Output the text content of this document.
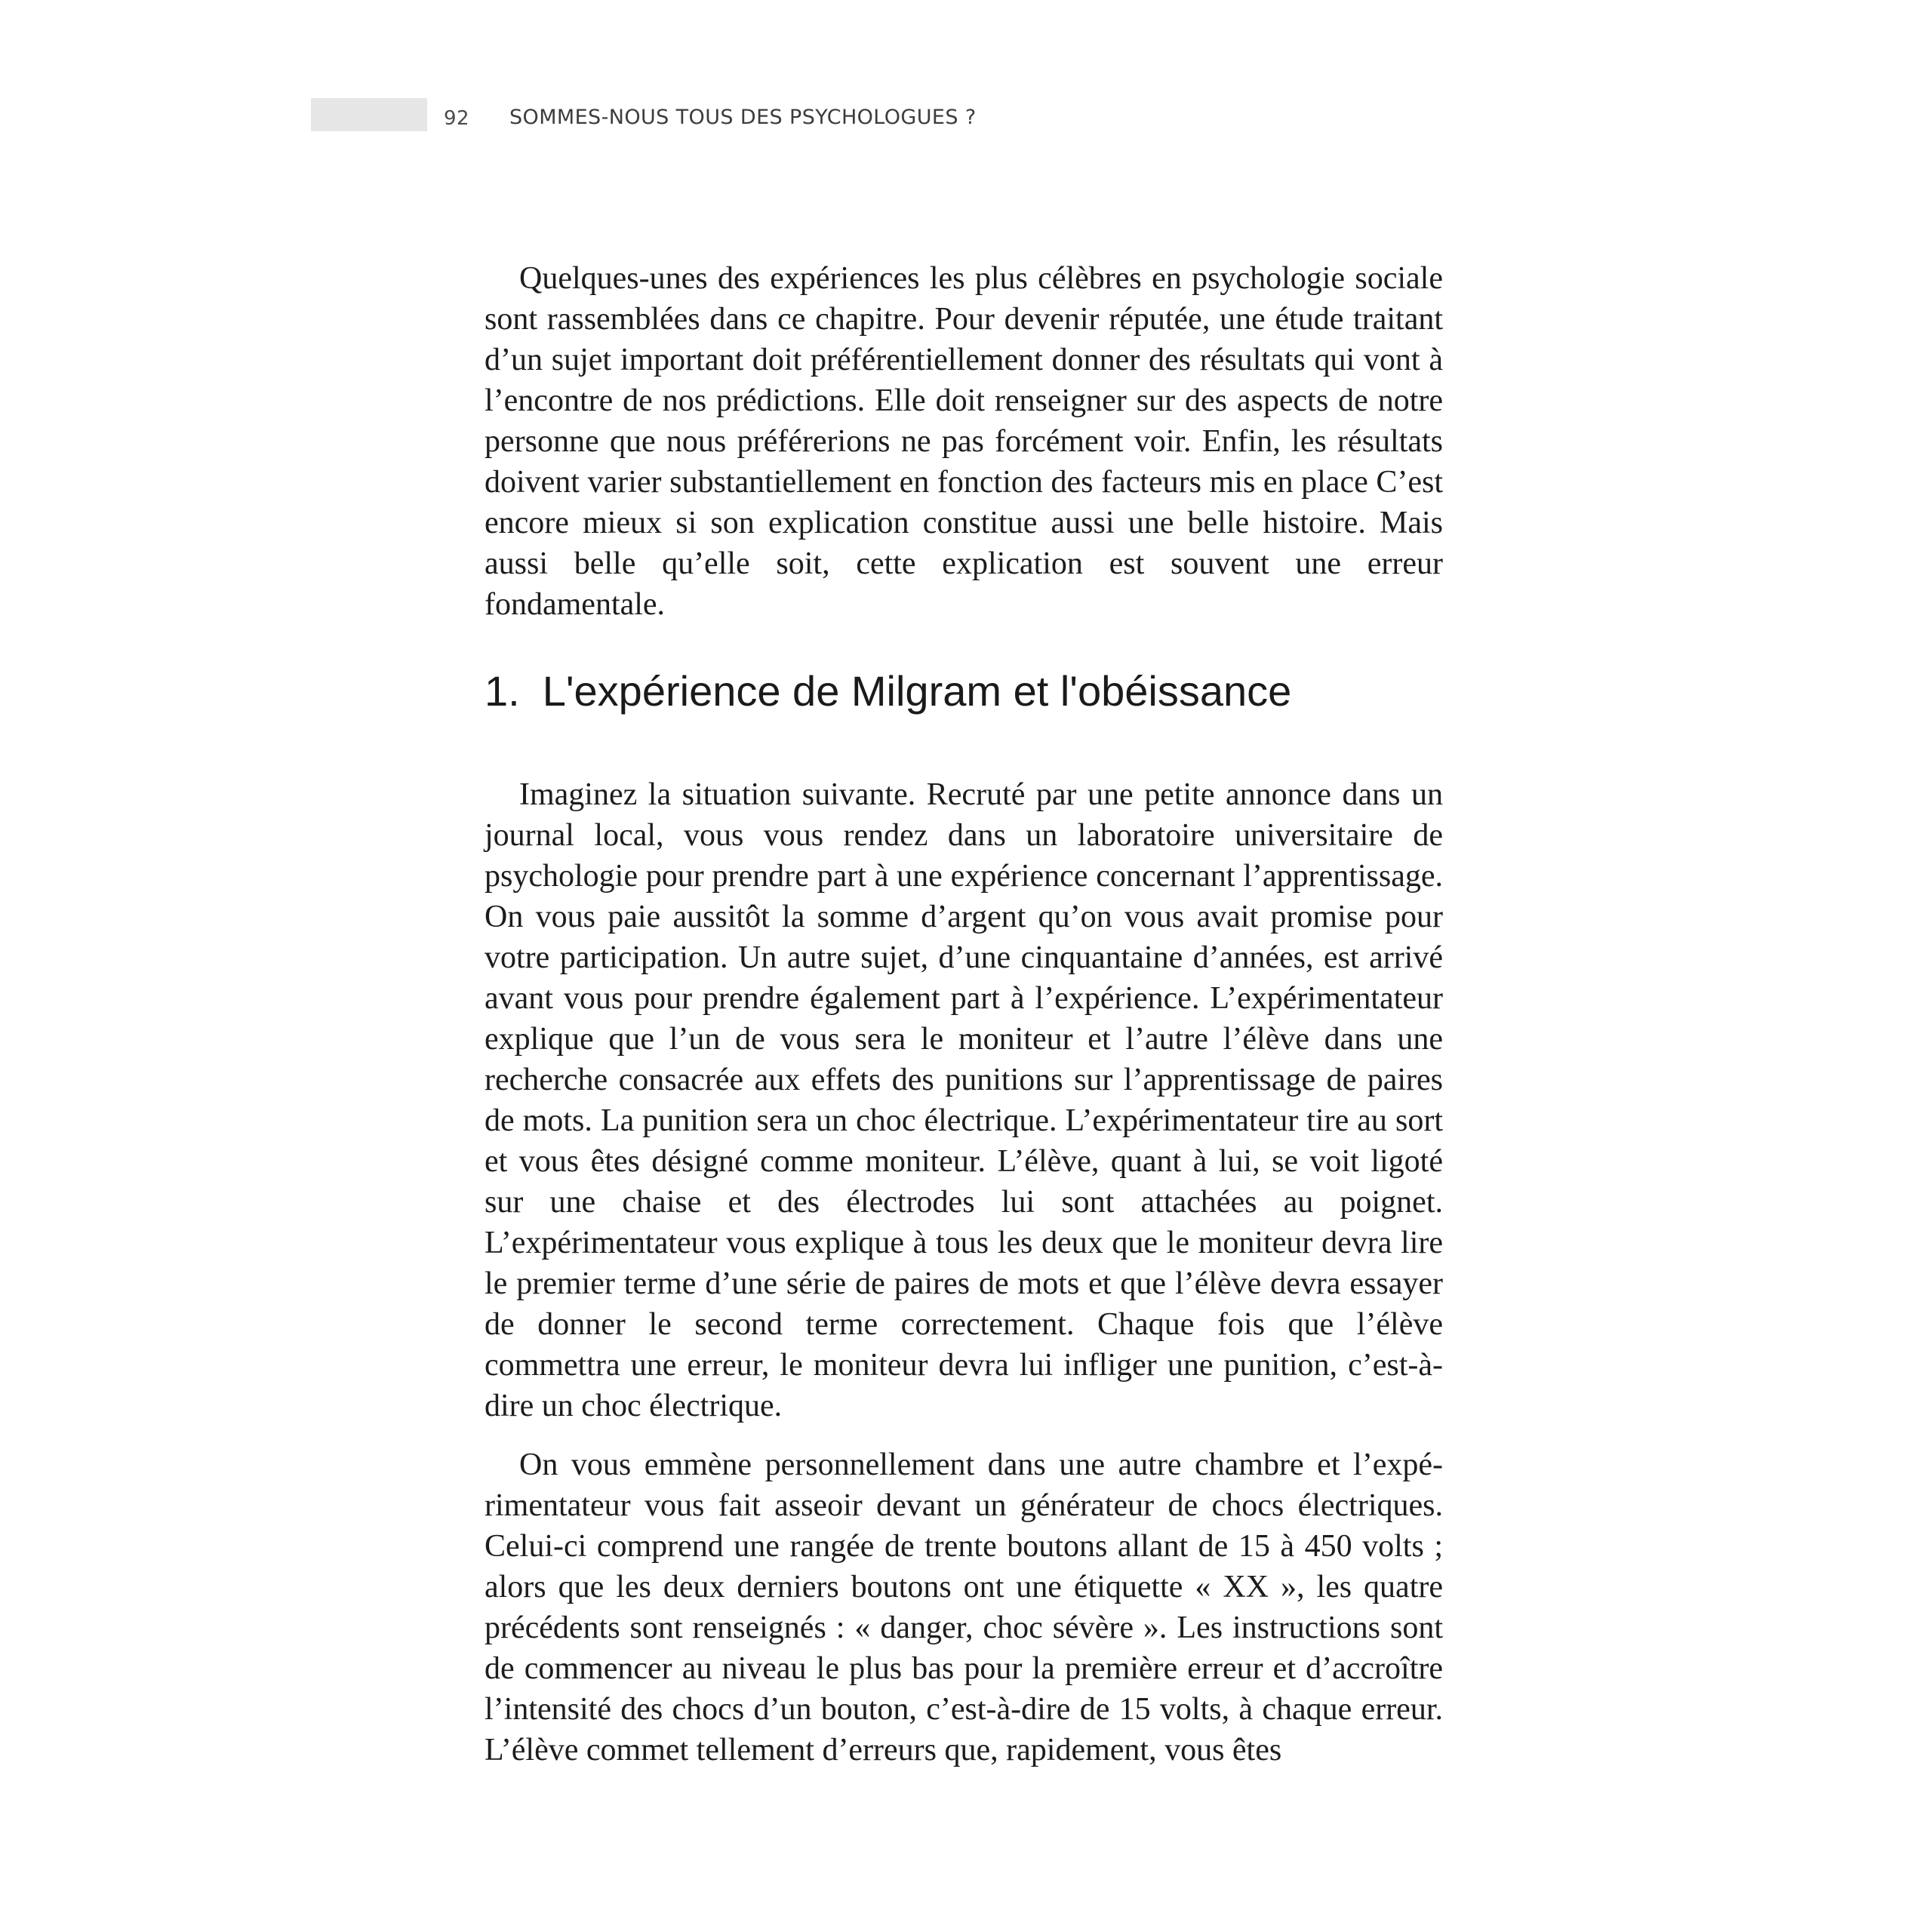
92 SOMMES-NOUS TOUS DES PSYCHOLOGUES ?

Quelques-unes des expériences les plus célèbres en psychologie sociale sont rassemblées dans ce chapitre. Pour devenir réputée, une étude traitant d’un sujet important doit préférentiellement donner des résultats qui vont à l’encontre de nos prédictions. Elle doit renseigner sur des aspects de notre personne que nous préférerions ne pas forcément voir. Enfin, les résultats doivent varier substantiellement en fonction des facteurs mis en place C’est encore mieux si son explication constitue aussi une belle histoire. Mais aussi belle qu’elle soit, cette explication est souvent une erreur fondamentale.

1. L'expérience de Milgram et l'obéissance

Imaginez la situation suivante. Recruté par une petite annonce dans un journal local, vous vous rendez dans un laboratoire universitaire de psychologie pour prendre part à une expérience concernant l’apprentissage. On vous paie aussitôt la somme d’argent qu’on vous avait promise pour votre participation. Un autre sujet, d’une cinquantaine d’années, est arrivé avant vous pour prendre également part à l’expérience. L’expérimentateur explique que l’un de vous sera le moniteur et l’autre l’élève dans une recherche consacrée aux effets des punitions sur l’apprentissage de paires de mots. La punition sera un choc électrique. L’expérimentateur tire au sort et vous êtes désigné comme moniteur. L’élève, quant à lui, se voit ligoté sur une chaise et des électrodes lui sont attachées au poignet. L’expérimentateur vous explique à tous les deux que le moniteur devra lire le premier terme d’une série de paires de mots et que l’élève devra essayer de donner le second terme correctement. Chaque fois que l’élève commettra une erreur, le moniteur devra lui infliger une punition, c’est-à-dire un choc électrique.

On vous emmène personnellement dans une autre chambre et l’expérimentateur vous fait asseoir devant un générateur de chocs électriques. Celui-ci comprend une rangée de trente boutons allant de 15 à 450 volts ; alors que les deux derniers boutons ont une étiquette « XX », les quatre précédents sont renseignés : « danger, choc sévère ». Les instructions sont de commencer au niveau le plus bas pour la première erreur et d’accroître l’intensité des chocs d’un bouton, c’est-à-dire de 15 volts, à chaque erreur. L’élève commet tellement d’erreurs que, rapidement, vous êtes
